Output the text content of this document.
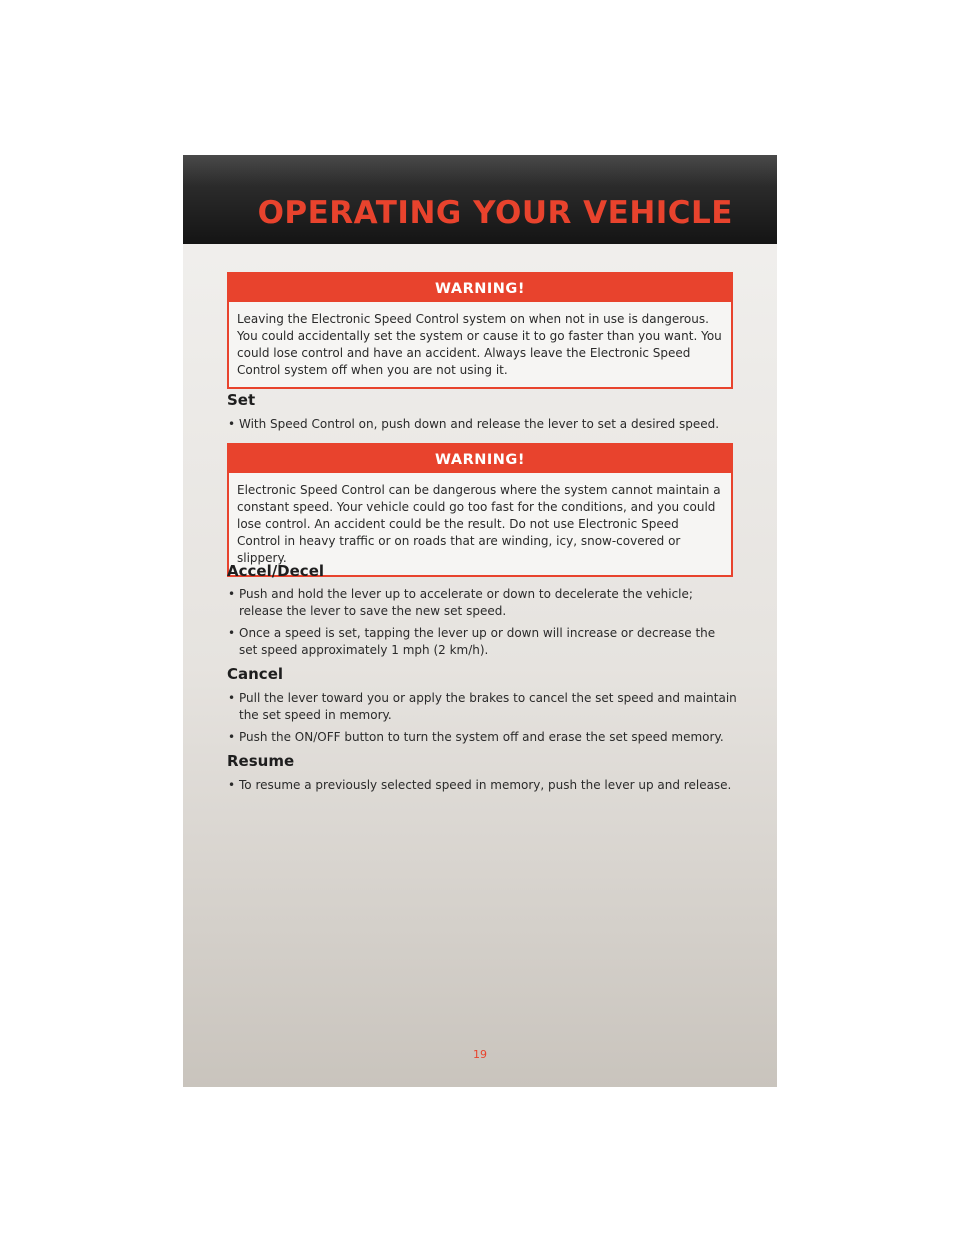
OPERATING YOUR VEHICLE
WARNING!
Leaving the Electronic Speed Control system on when not in use is dangerous. You could accidentally set the system or cause it to go faster than you want. You could lose control and have an accident. Always leave the Electronic Speed Control system off when you are not using it.
Set
• With Speed Control on, push down and release the lever to set a desired speed.
WARNING!
Electronic Speed Control can be dangerous where the system cannot maintain a constant speed. Your vehicle could go too fast for the conditions, and you could lose control. An accident could be the result. Do not use Electronic Speed Control in heavy traffic or on roads that are winding, icy, snow-covered or slippery.
Accel/Decel
• Push and hold the lever up to accelerate or down to decelerate the vehicle; release the lever to save the new set speed.
• Once a speed is set, tapping the lever up or down will increase or decrease the set speed approximately 1 mph (2 km/h).
Cancel
• Pull the lever toward you or apply the brakes to cancel the set speed and maintain the set speed in memory.
• Push the ON/OFF button to turn the system off and erase the set speed memory.
Resume
• To resume a previously selected speed in memory, push the lever up and release.
19
